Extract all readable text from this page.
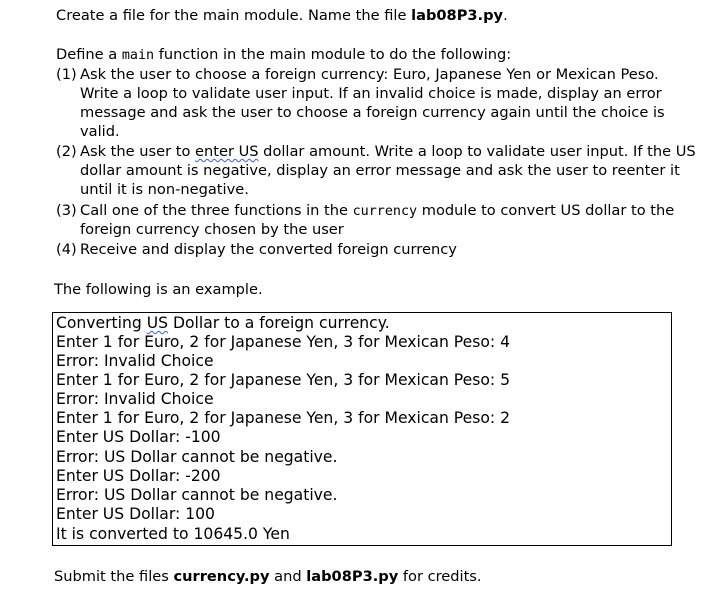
Create a file for the main module. Name the file lab08P3.py.
Define a main function in the main module to do the following:
(1) Ask the user to choose a foreign currency: Euro, Japanese Yen or Mexican Peso.
Write a loop to validate user input. If an invalid choice is made, display an error
message and ask the user to choose a foreign currency again until the choice is
valid.
(2) Ask the user to enter US dollar amount. Write a loop to validate user input. If the US
dollar amount is negative, display an error message and ask the user to reenter it
until it is non-negative.
(3) Call one of the three functions in the currency module to convert US dollar to the
foreign currency chosen by the user
(4) Receive and display the converted foreign currency
The following is an example.
Converting US Dollar to a foreign currency.
Enter 1 for Euro, 2 for Japanese Yen, 3 for Mexican Peso: 4
Error: Invalid Choice
Enter 1 for Euro, 2 for Japanese Yen, 3 for Mexican Peso: 5
Error: Invalid Choice
Enter 1 for Euro, 2 for Japanese Yen, 3 for Mexican Peso: 2
Enter US Dollar: -100
Error: US Dollar cannot be negative.
Enter US Dollar: -200
Error: US Dollar cannot be negative.
Enter US Dollar: 100
It is converted to 10645.0 Yen
Submit the files currency.py and lab08P3.py for credits.
